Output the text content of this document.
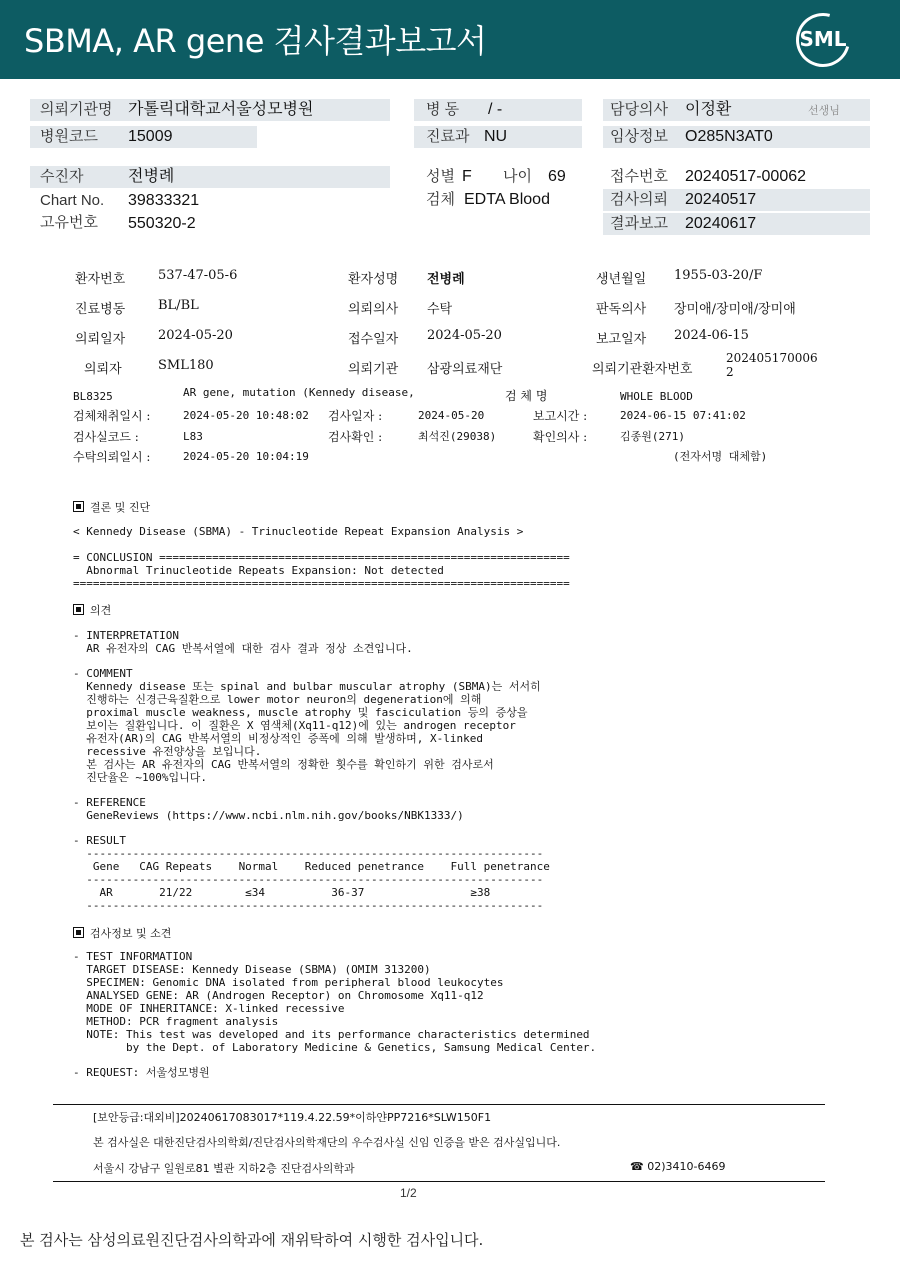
SBMA, AR gene 검사결과보고서	SML
의뢰기관명 가톨릭대학교서울성모병원
병원코드 15009
병 동 / -
진료과 NU
담당의사 이정환	선생님
임상정보 O285N3AT0
수진자	전병례
Chart No. 39833321
고유번호 550320-2
성별 F 나이 69
검체 EDTA Blood
접수번호 20240517-00062
검사의뢰 20240517
결과보고 20240617
환자번호	537-47-05-6	환자성명 전병례	생년월일 1955-03-20/F
진료병동	BL/BL	의뢰의사 수탁	판독의사 장미애/장미애/장미애
의뢰일자	2024-05-20	접수일자 2024-05-20	보고일자 2024-06-15
의뢰자	SML180	의뢰기관 삼광의료재단	의뢰기관환자번호
202405170006
2
BL8325	AR gene, mutation (Kennedy disease,	검 체 명	WHOLE BLOOD
검체채취일시 :	2024-05-20 10:48:02 검사일자 :	2024-05-20	보고시간 :	2024-06-15 07:41:02
검사실코드 :	L83	검사확인 :	최석진(29038)	확인의사 :	김종원(271)
수탁의뢰일시 :	2024-05-20 10:04:19	(전자서명 대체함)
결론 및 진단
< Kennedy Disease (SBMA) - Trinucleotide Repeat Expansion Analysis >
= CONCLUSION ==============================================================
Abnormal Trinucleotide Repeats Expansion: Not detected
===========================================================================
의견
- INTERPRETATION
AR 유전자의 CAG 반복서열에 대한 검사 결과 정상 소견입니다.
- COMMENT
Kennedy disease 또는 spinal and bulbar muscular atrophy (SBMA)는 서서히
진행하는 신경근육질환으로 lower motor neuron의 degeneration에 의해
proximal muscle weakness, muscle atrophy 및 fasciculation 등의 증상을
보이는 질환입니다. 이 질환은 X 염색체(Xq11-q12)에 있는 androgen receptor
유전자(AR)의 CAG 반복서열의 비정상적인 증폭에 의해 발생하며, X-linked
recessive 유전양상을 보입니다.
본 검사는 AR 유전자의 CAG 반복서열의 정확한 횟수를 확인하기 위한 검사로서
진단율은 ~100%입니다.
- REFERENCE
GeneReviews (https://www.ncbi.nlm.nih.gov/books/NBK1333/)
- RESULT
---------------------------------------------------------------------
Gene   CAG Repeats    Normal    Reduced penetrance    Full penetrance
---------------------------------------------------------------------
AR       21/22        ≤34          36-37                ≥38
---------------------------------------------------------------------
검사정보 및 소견
- TEST INFORMATION
TARGET DISEASE: Kennedy Disease (SBMA) (OMIM 313200)
SPECIMEN: Genomic DNA isolated from peripheral blood leukocytes
ANALYSED GENE: AR (Androgen Receptor) on Chromosome Xq11-q12
MODE OF INHERITANCE: X-linked recessive
METHOD: PCR fragment analysis
NOTE: This test was developed and its performance characteristics determined
by the Dept. of Laboratory Medicine & Genetics, Samsung Medical Center.
- REQUEST: 서울성모병원
[보안등급:대외비]20240617083017*119.4.22.59*이하얀PP7216*SLW150F1
본 검사실은 대한진단검사의학회/진단검사의학재단의 우수검사실 신임 인증을 받은 검사실입니다.
서울시 강남구 일원로81 별관 지하2층 진단검사의학과	☎ 02)3410-6469
1/2
본 검사는 삼성의료원진단검사의학과에 재위탁하여 시행한 검사입니다.
